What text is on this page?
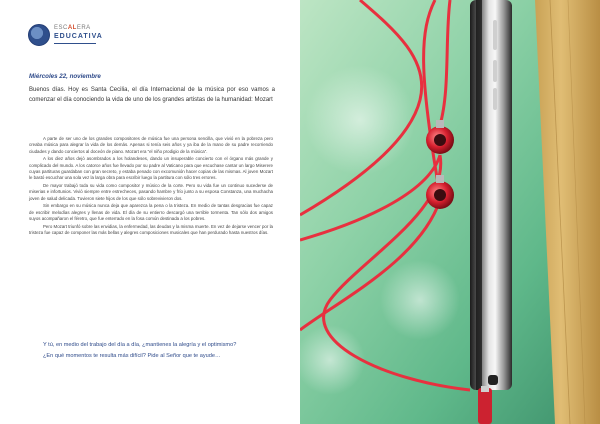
ESCALERA
EDUCATIVA
Miércoles 22, noviembre
Buenos días. Hoy es Santa Cecilia, el día Internacional de la música por eso vamos a comenzar el día conociendo la vida de uno de los grandes artistas de la humanidad: Mozart

A parte de ser uno de los grandes compositores de música fue una persona sencilla, que vivió en la pobreza pero creaba música para alegrar la vida de los demás. Apenas si tenía seis años y ya iba de la mano de su padre recorriendo ciudades y dando conciertos al doceón de piano. Mozart era “el niño prodigio de la música”.

A los diez años dejó asombrados a los holandeses, dando un insuperable concierto con el órgano más grande y complicado del mundo. A los catorce años fue llevado por su padre al Vaticano para que escuchase cantar un largo Miserere cuyas partituras guardaban con gran secreto, y estaba penado con excomunión hacer copias de las mismas. Al joven Mozart le bastó escuchar una sola vez la larga obra para escribir luego la partitura con sólo tres errores.

De mayor trabajó toda su vida como compositor y músico de la corte. Pero su vida fue un continuo sucederse de miserias e infortunios. Vivió siempre entre estrecheces, pasando hambre y frío junto a su esposa Constanza, una muchacha joven de salud delicada. Tuvieron siete hijos de los que sólo sobrevivieron dos.

Sin embargo en su música nunca deja que aparezca la pena o la tristeza. En medio de tantas desgracias fue capaz de escribir melodías alegres y llenas de vida. El día de su entierro descargó una terrible tormenta. Tan sólo dos amigos suyos acompañaron el féretro, que fue enterrado en la fosa común destinada a los pobres.

Pero Mozart triunfó sobre las envidias, la enfermedad, las deudas y la misma muerte. En vez de dejarse vencer por la tristeza fue capaz de componer las más bellas y alegres composiciones musicales que han perdurado hasta nuestros días.

Y tú, en medio del trabajo del día a día, ¿mantienes la alegría y el optimismo?

¿En qué momentos te resulta más difícil? Pide al Señor que te ayude…
